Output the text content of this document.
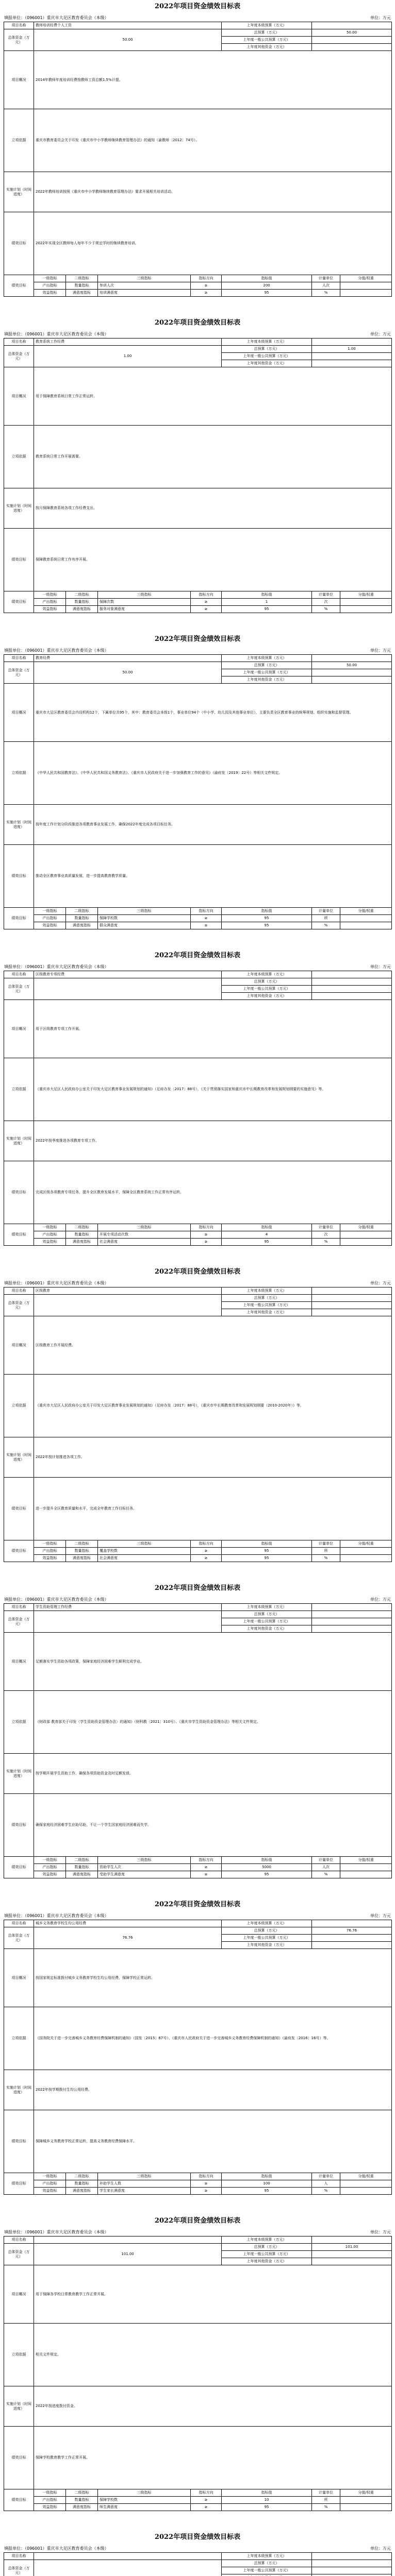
2022年项目资金绩效目标表
填报单位：（096001）重庆市大足区教育委员会（本级）	单位：万元
项目名称	教师培训经费个人工资				上年度本级预算（万元）		
总体资金（万元）	50.00				总预算（万元）	50.00	
					上年度一般公共预算（万元）		
					上年度其他资金（万元）		
项目概况	2014年教师年度培训经费按教师工资总额1.5%计提。						
立项依据	重庆市教育委员会关于印发《重庆市中小学教师继续教育管理办法》的通知（渝教师〔2012〕74号）。						
实施计划（时间进度）	2022年教师培训按照《重庆市中小学教师继续教育管理办法》要求开展相关培训活动。						
绩效目标	2022年实现全区教师每人每年不少于规定学时的继续教育培训。						
绩效目标	一级指标	二级指标	三级指标	指标方向	指标值	计量单位	分值/权重
	产出指标	数量指标	参训人次	≥	200	人次	
	效益指标	满意度指标	培训满意度	≥	95	%	
2022年项目资金绩效目标表
填报单位：（096001）重庆市大足区教育委员会（本级）	单位：万元
项目名称	教育系统工作经费				上年度本级预算（万元）		
总体资金（万元）	1.00				总预算（万元）	1.00	
					上年度一般公共预算（万元）		
					上年度其他资金（万元）		
项目概况	用于保障教育系统日常工作正常运转。						
立项依据	教育系统日常工作开展需要。						
实施计划（时间进度）	按月保障教育系统各项工作经费支出。						
绩效目标	保障教育系统日常工作有序开展。						
绩效目标	一级指标	二级指标	三级指标	指标方向	指标值	计量单位	分值/权重
	产出指标	数量指标	保障次数	≥	1	次	
	效益指标	满意度指标	服务对象满意度	≥	95	%	
2022年项目资金绩效目标表
填报单位：（096001）重庆市大足区教育委员会（本级）	单位：万元
项目名称	教育经费				上年度本级预算（万元）		
总体资金（万元）	50.00				总预算（万元）	50.00	
					上年度一般公共预算（万元）		
					上年度其他资金（万元）		
项目概况	重庆市大足区教育委员会内设机构12个，下属单位共95个，其中：教育委员会本级1个，事业单位94个（中小学、幼儿园及其他事业单位），主要负责全区教育事业的统筹规划、组织实施和监督管理。						
立项依据	《中华人民共和国教育法》、《中华人民共和国义务教育法》、《重庆市人民政府关于进一步加强教育工作的意见》（渝府发〔2019〕22号）等相关文件规定。						
实施计划（时间进度）	按年度工作计划分阶段推进各项教育事业发展工作，确保2022年度完成各项目标任务。						
绩效目标	推动全区教育事业高质量发展，进一步提高教育教学质量。						
绩效目标	一级指标	二级指标	三级指标	指标方向	指标值	计量单位	分值/权重
	产出指标	数量指标	保障学校数	≥	95	所	
	效益指标	满意度指标	群众满意度	≥	95	%	
2022年项目资金绩效目标表
填报单位：（096001）重庆市大足区教育委员会（本级）	单位：万元
项目名称	区级教育专项经费				上年度本级预算（万元）		
总体资金（万元）					总预算（万元）		
					上年度一般公共预算（万元）		
					上年度其他资金（万元）		
项目概况	用于区级教育专项工作开展。						
立项依据	《重庆市大足区人民政府办公室关于印发大足区教育事业发展规划的通知》（足府办发〔2017〕88号），《关于贯彻落实国家和重庆市中长期教育改革和发展规划纲要的实施意见》等。						
实施计划（时间进度）	2022年按季度推进各项教育专项工作。						
绩效目标	完成区级各项教育专项任务，提升全区教育发展水平，保障全区教育系统工作正常有序运转。						
绩效目标	一级指标	二级指标	三级指标	指标方向	指标值	计量单位	分值/权重
	产出指标	数量指标	开展专项活动次数	≥	4	次	
	效益指标	满意度指标	社会满意度	≥	95	%	
2022年项目资金绩效目标表
填报单位：（096001）重庆市大足区教育委员会（本级）	单位：万元
项目名称	区级教育				上年度本级预算（万元）		
总体资金（万元）					总预算（万元）		
					上年度一般公共预算（万元）		
					上年度其他资金（万元）		
项目概况	区级教育工作开展经费。						
立项依据	《重庆市大足区人民政府办公室关于印发大足区教育事业发展规划的通知》（足府办发〔2017〕88号），《重庆市中长期教育改革和发展规划纲要（2010-2020年）》等。						
实施计划（时间进度）	2022年按计划推进各项工作。						
绩效目标	进一步提升全区教育质量和水平，完成全年教育工作目标任务。						
绩效目标	一级指标	二级指标	三级指标	指标方向	指标值	计量单位	分值/权重
	产出指标	数量指标	覆盖学校数	≥	95	所	
	效益指标	满意度指标	社会满意度	≥	95	%	
2022年项目资金绩效目标表
填报单位：（096001）重庆市大足区教育委员会（本级）	单位：万元
项目名称	学生资助管理工作经费				上年度本级预算（万元）		
总体资金（万元）					总预算（万元）		
					上年度一般公共预算（万元）		
					上年度其他资金（万元）		
项目概况	足额落实学生资助各项政策，保障家庭经济困难学生顺利完成学业。						
立项依据	《财政部 教育部关于印发〈学生资助资金管理办法〉的通知》（财科教〔2021〕310号）、《重庆市学生资助资金管理办法》等相关文件规定。						
实施计划（时间进度）	按学期开展学生资助工作，确保各项资助资金及时足额发放。						
绩效目标	确保家庭经济困难学生应助尽助，不让一个学生因家庭经济困难而失学。						
绩效目标	一级指标	二级指标	三级指标	指标方向	指标值	计量单位	分值/权重
	产出指标	数量指标	资助学生人次	≥	5000	人次	
	效益指标	满意度指标	受助学生满意度	≥	95	%	
2022年项目资金绩效目标表
填报单位：（096001）重庆市大足区教育委员会（本级）	单位：万元
项目名称	城乡义务教育学校生均公用经费				上年度本级预算（万元）		
总体资金（万元）	76.76				总预算（万元）	76.76	
					上年度一般公共预算（万元）		
					上年度其他资金（万元）		
项目概况	按国家规定标准拨付城乡义务教育学校生均公用经费，保障学校正常运转。						
立项依据	《国务院关于进一步完善城乡义务教育经费保障机制的通知》（国发〔2015〕67号）、《重庆市人民政府关于进一步完善城乡义务教育经费保障机制的通知》（渝府发〔2016〕16号）等。						
实施计划（时间进度）	2022年按学期拨付生均公用经费。						
绩效目标	保障城乡义务教育学校正常运转，提高义务教育经费保障水平。						
绩效目标	一级指标	二级指标	三级指标	指标方向	指标值	计量单位	分值/权重
	产出指标	数量指标	补助学生人数	≥	100	人	
	效益指标	满意度指标	学生家长满意度	≥	95	%	
2022年项目资金绩效目标表
填报单位：（096001）重庆市大足区教育委员会（本级）	单位：万元
项目名称					上年度本级预算（万元）		
总体资金（万元）	101.00				总预算（万元）	101.00	
					上年度一般公共预算（万元）		
					上年度其他资金（万元）		
项目概况	用于保障各学校日常教育教学工作正常开展。						
立项依据	相关文件规定。						
实施计划（时间进度）	2022年按进度拨付资金。						
绩效目标	保障学校教育教学工作正常开展。						
绩效目标	一级指标	二级指标	三级指标	指标方向	指标值	计量单位	分值/权重
	产出指标	数量指标	保障学校数	≥	10	所	
	效益指标	满意度指标	师生满意度	≥	95	%	
2022年项目资金绩效目标表
填报单位：（096001）重庆市大足区教育委员会（本级）	单位：万元
项目名称					上年度本级预算（万元）		
总体资金（万元）					总预算（万元）		
					上年度一般公共预算（万元）		
